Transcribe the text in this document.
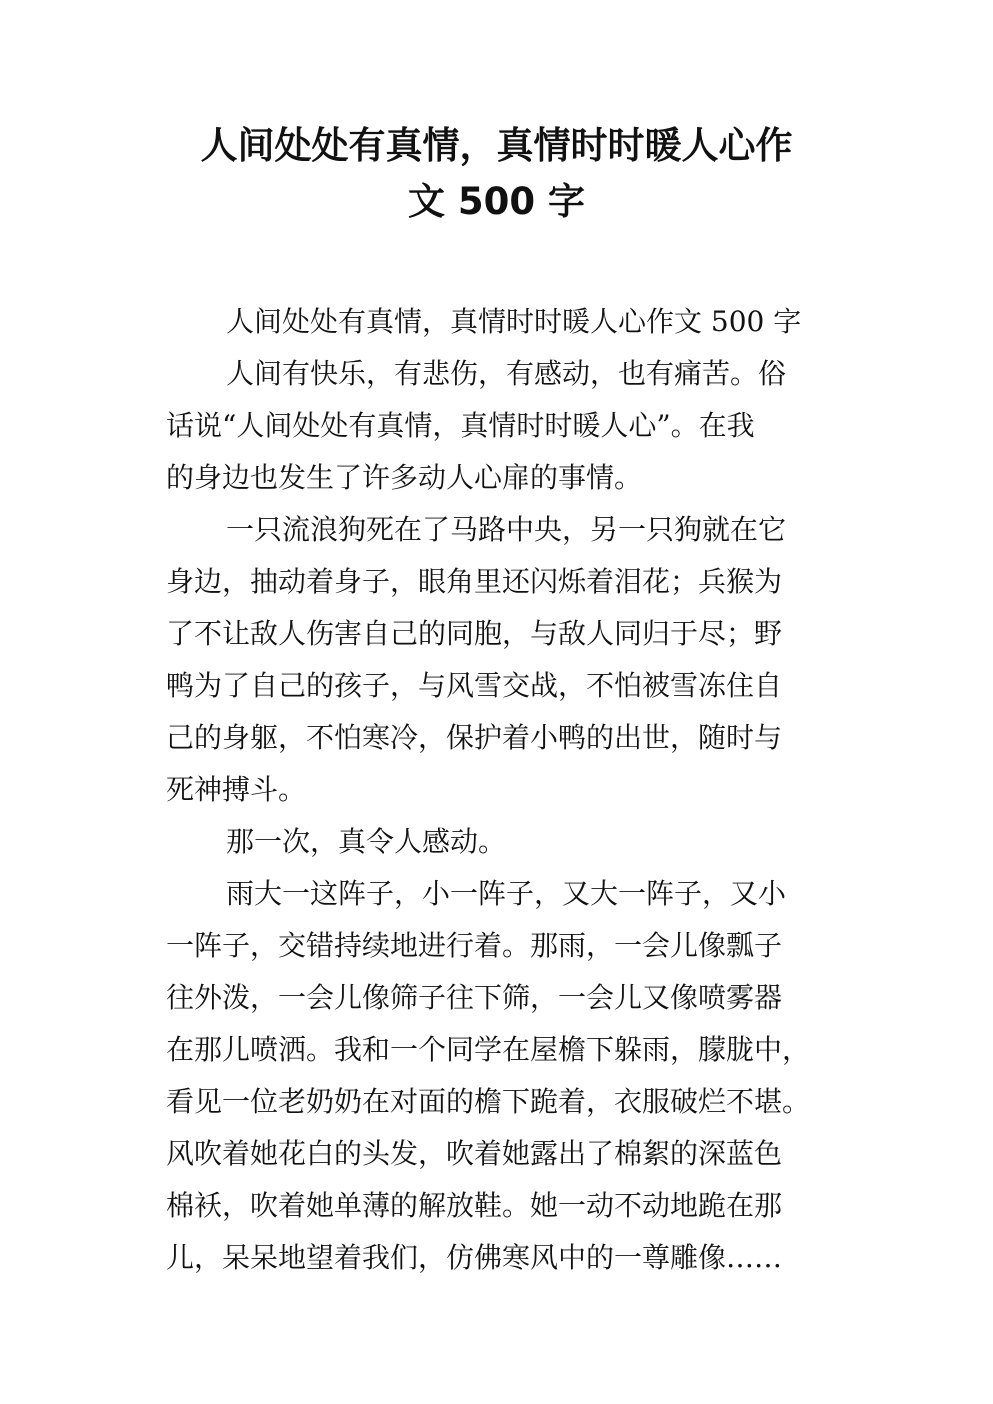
人间处处有真情，真情时时暖人心作
文 500 字
人间处处有真情，真情时时暖人心作文 500 字
人间有快乐，有悲伤，有感动，也有痛苦。俗
话说“人间处处有真情，真情时时暖人心”。在我
的身边也发生了许多动人心扉的事情。
一只流浪狗死在了马路中央，另一只狗就在它
身边，抽动着身子，眼角里还闪烁着泪花；兵猴为
了不让敌人伤害自己的同胞，与敌人同归于尽；野
鸭为了自己的孩子，与风雪交战，不怕被雪冻住自
己的身躯，不怕寒冷，保护着小鸭的出世，随时与
死神搏斗。
那一次，真令人感动。
雨大一这阵子，小一阵子，又大一阵子，又小
一阵子，交错持续地进行着。那雨，一会儿像瓢子
往外泼，一会儿像筛子往下筛，一会儿又像喷雾器
在那儿喷洒。我和一个同学在屋檐下躲雨，朦胧中，
看见一位老奶奶在对面的檐下跪着，衣服破烂不堪。
风吹着她花白的头发，吹着她露出了棉絮的深蓝色
棉袄，吹着她单薄的解放鞋。她一动不动地跪在那
儿，呆呆地望着我们，仿佛寒风中的一尊雕像……
